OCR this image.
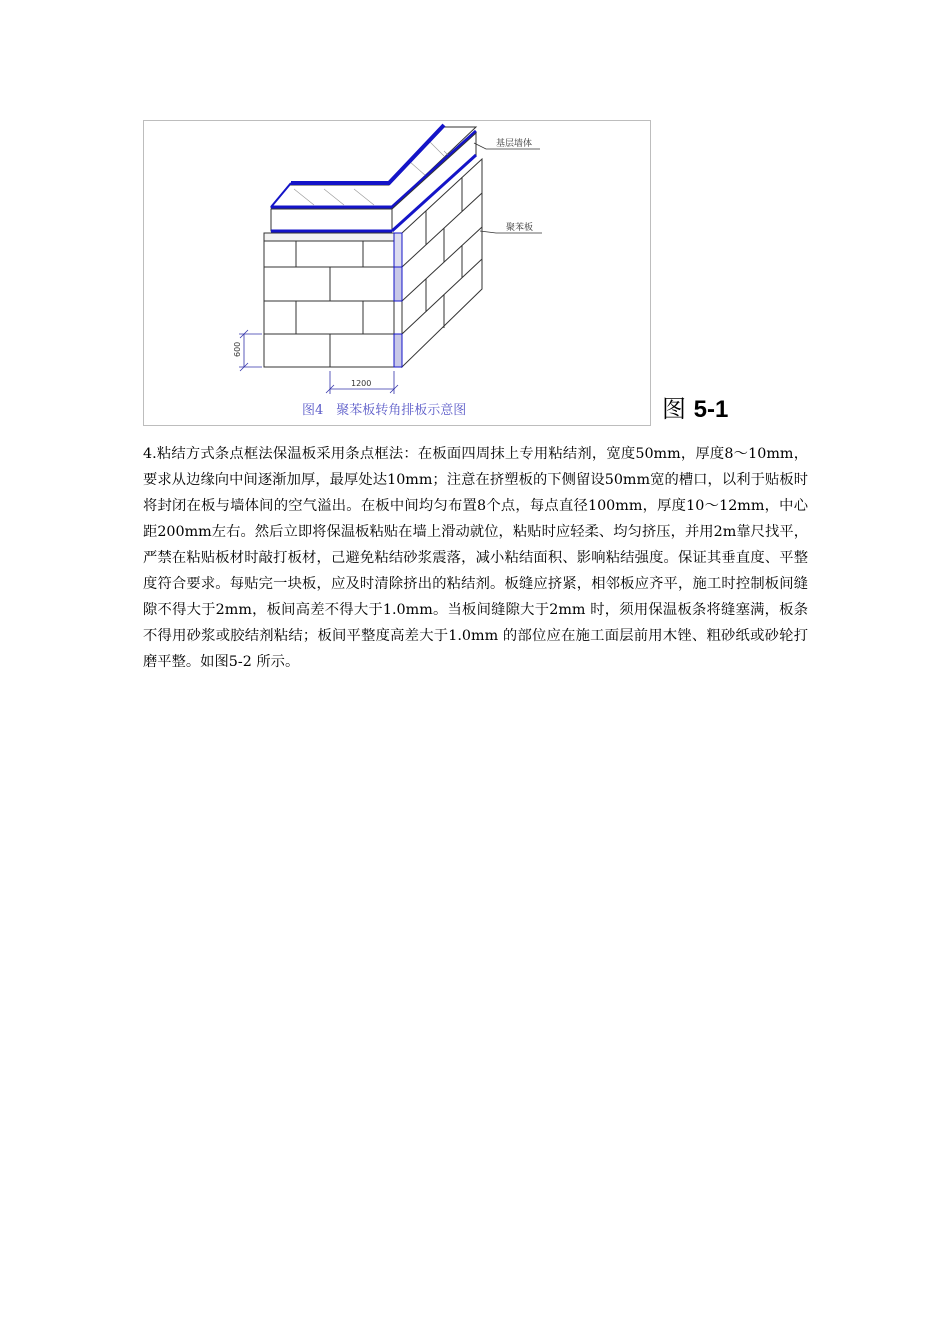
基层墙体
聚苯板
600
1200
图4　聚苯板转角排板示意图	图 5-1

4.粘结方式条点框法保温板采用条点框法：在板面四周抹上专用粘结剂，宽度50mm，厚度8～10mm，要求从边缘向中间逐渐加厚，最厚处达10mm；注意在挤塑板的下侧留设50mm宽的槽口，以利于贴板时将封闭在板与墙体间的空气溢出。在板中间均匀布置8个点，每点直径100mm，厚度10～12mm，中心距200mm左右。然后立即将保温板粘贴在墙上滑动就位，粘贴时应轻柔、均匀挤压，并用2m靠尺找平，严禁在粘贴板材时敲打板材，己避免粘结砂浆震落，减小粘结面积、影响粘结强度。保证其垂直度、平整度符合要求。每贴完一块板，应及时清除挤出的粘结剂。板缝应挤紧，相邻板应齐平，施工时控制板间缝隙不得大于2mm，板间高差不得大于1.0mm。当板间缝隙大于2mm 时，须用保温板条将缝塞满，板条不得用砂浆或胶结剂粘结；板间平整度高差大于1.0mm 的部位应在施工面层前用木锉、粗砂纸或砂轮打磨平整。如图5-2 所示。
